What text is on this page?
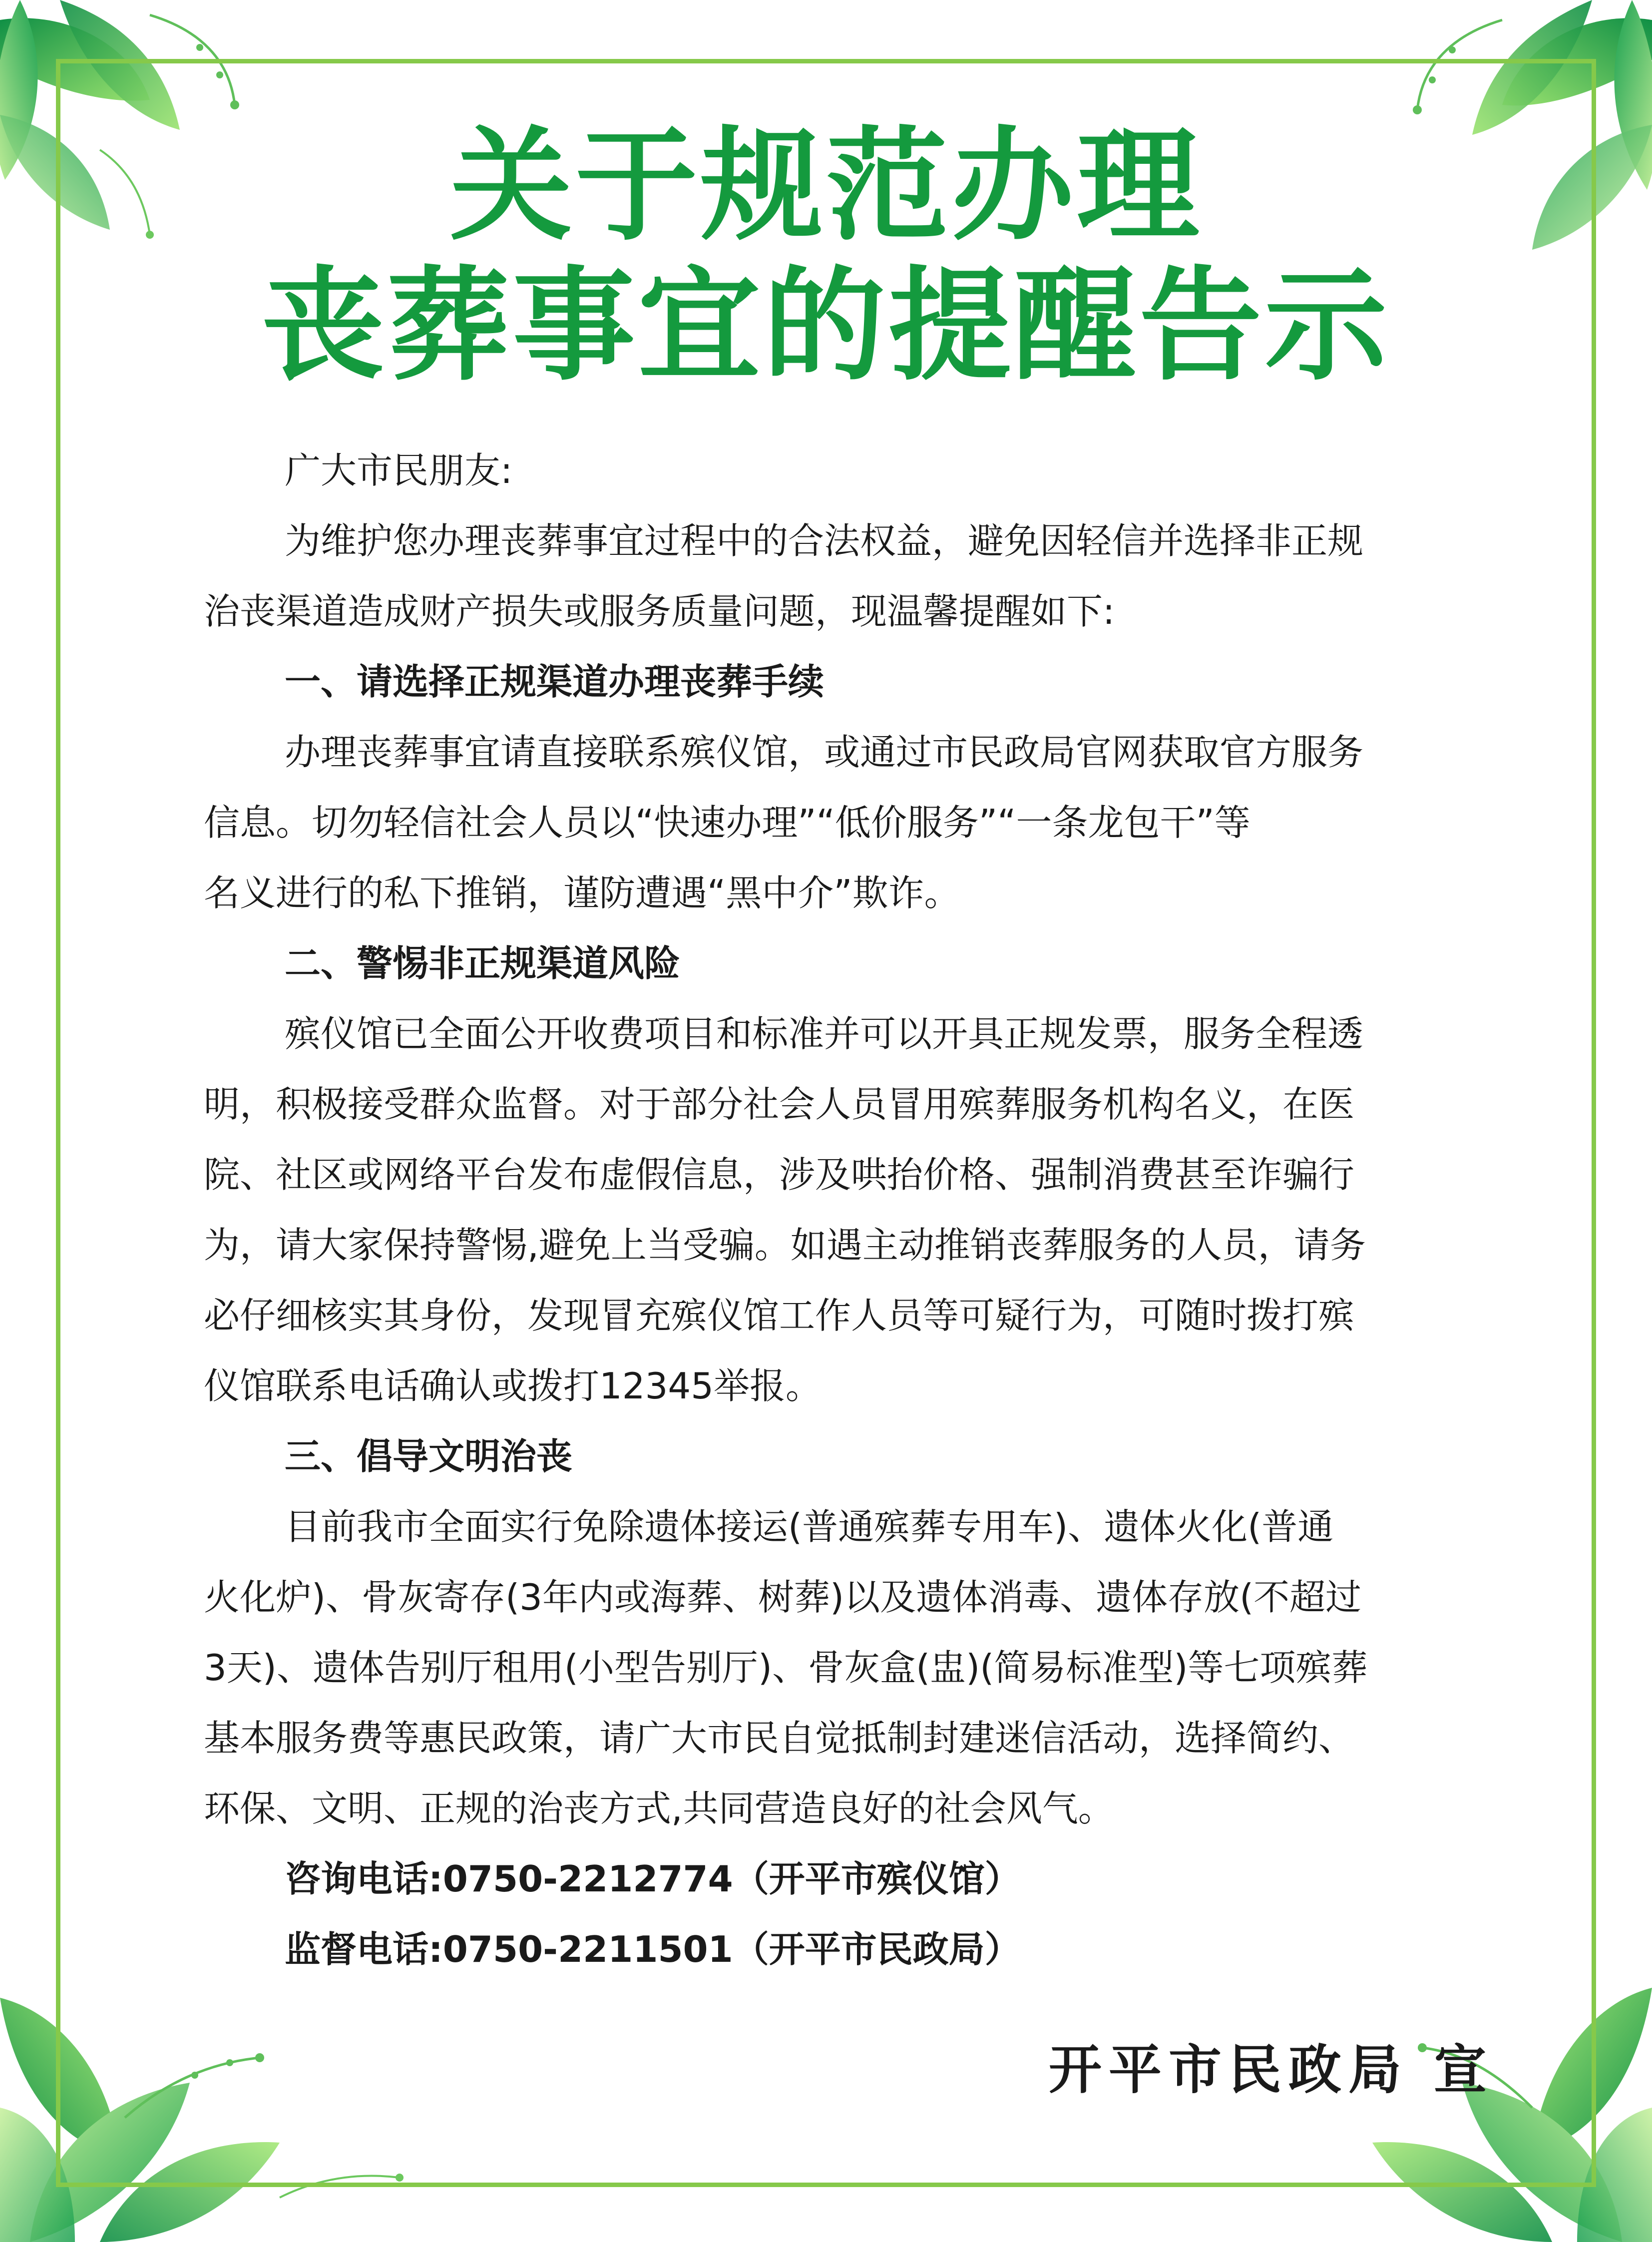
关于规范办理
丧葬事宜的提醒告示
广大市民朋友:
为维护您办理丧葬事宜过程中的合法权益，避免因轻信并选择非正规
治丧渠道造成财产损失或服务质量问题，现温馨提醒如下:
一、请选择正规渠道办理丧葬手续
办理丧葬事宜请直接联系殡仪馆，或通过市民政局官网获取官方服务
信息。切勿轻信社会人员以“快速办理”“低价服务”“一条龙包干”等
名义进行的私下推销，谨防遭遇“黑中介”欺诈。
二、警惕非正规渠道风险
殡仪馆已全面公开收费项目和标准并可以开具正规发票，服务全程透
明，积极接受群众监督。对于部分社会人员冒用殡葬服务机构名义，在医
院、社区或网络平台发布虚假信息，涉及哄抬价格、强制消费甚至诈骗行
为，请大家保持警惕,避免上当受骗。如遇主动推销丧葬服务的人员，请务
必仔细核实其身份，发现冒充殡仪馆工作人员等可疑行为，可随时拨打殡
仪馆联系电话确认或拨打12345举报。
三、倡导文明治丧
目前我市全面实行免除遗体接运(普通殡葬专用车)、遗体火化(普通
火化炉)、骨灰寄存(3年内或海葬、树葬)以及遗体消毒、遗体存放(不超过
3天)、遗体告别厅租用(小型告别厅)、骨灰盒(盅)(简易标准型)等七项殡葬
基本服务费等惠民政策，请广大市民自觉抵制封建迷信活动，选择简约、
环保、文明、正规的治丧方式,共同营造良好的社会风气。
咨询电话:0750-2212774（开平市殡仪馆）
监督电话:0750-2211501（开平市民政局）
开平市民政局 宣
